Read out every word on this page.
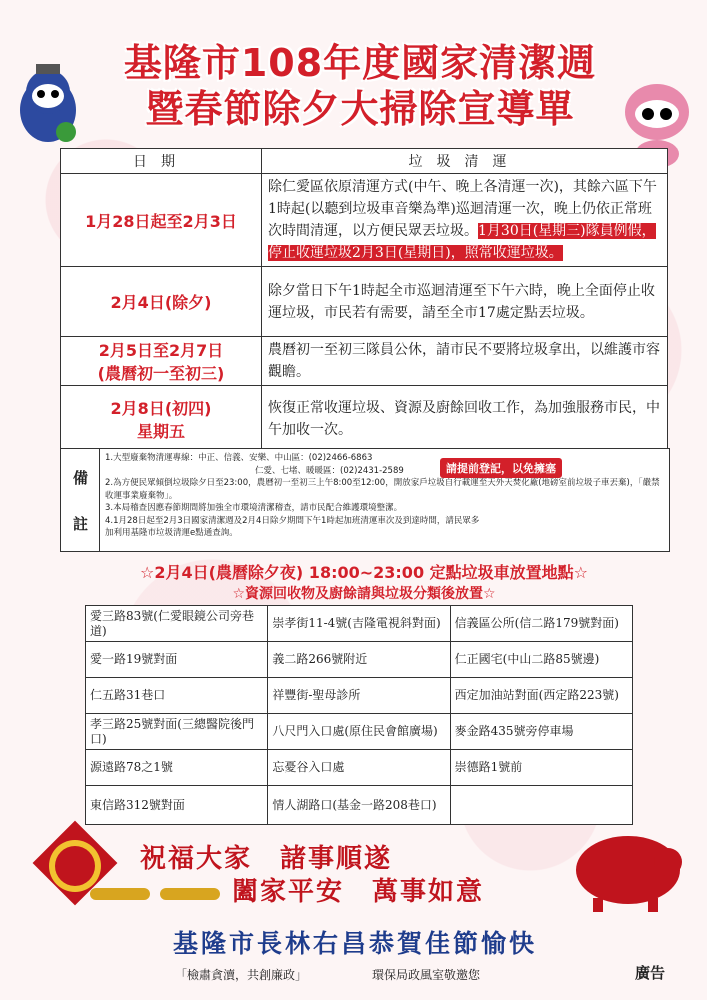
基隆市108年度國家清潔週
暨春節除夕大掃除宣導單
日期	垃圾清運
1月28日起至2月3日	除仁愛區依原清運方式(中午、晚上各清運一次)，其餘六區下午1時起(以聽到垃圾車音樂為準)巡迴清運一次，晚上仍依正常班次時間清運，以方便民眾丟垃圾。1月30日(星期三)隊員例假，停止收運垃圾2月3日(星期日)，照常收運垃圾。
2月4日(除夕)	除夕當日下午1時起全市巡迴清運至下午六時，晚上全面停止收運垃圾，市民若有需要，請至全市17處定點丟垃圾。

2月5日至2月7日
(農曆初一至初三)	農曆初一至初三隊員公休，請市民不要將垃圾拿出，以維護市容觀瞻。

2月8日(初四)
星期五	恢復正常收運垃圾、資源及廚餘回收工作，為加強服務市民，中午加收一次。
備
註
1.大型廢棄物清運專線：中正、信義、安樂、中山區：(02)2466-6863
仁愛、七堵、暖暖區：(02)2431-2589
2.為方便民眾傾倒垃圾除夕日至23:00，農曆初一至初三上午8:00至12:00，開放家戶垃圾自行載運至天外天焚化廠(地磅室前垃圾子車丟棄)，「嚴禁收運事業廢棄物」。
3.本局稽查因應春節期間將加強全市環境清潔稽查，請市民配合維護環境整潔。
4.1月28日起至2月3日國家清潔週及2月4日除夕期間下午1時起加班清運車次及到達時間，請民眾多
加利用基隆市垃圾清運e點通查詢。
請提前登記，以免擁塞
☆2月4日(農曆除夕夜) 18:00~23:00 定點垃圾車放置地點☆
☆資源回收物及廚餘請與垃圾分類後放置☆
愛三路83號(仁愛眼鏡公司旁巷道)	崇孝街11-4號(吉隆電視斜對面)	信義區公所(信二路179號對面)
愛一路19號對面	義二路266號附近	仁正國宅(中山二路85號邊)
仁五路31巷口	祥豐街-聖母診所	西定加油站對面(西定路223號)
孝三路25號對面(三總醫院後門口)	八尺門入口處(原住民會館廣場)	麥金路435號旁停車場
源遠路78之1號	忘憂谷入口處	崇德路1號前
東信路312號對面	情人湖路口(基金一路208巷口)	
祝福大家　諸事順遂
闔家平安　萬事如意
基隆市長林右昌恭賀佳節愉快
「檢肅貪瀆，共創廉政」	環保局政風室敬邀您	廣告
